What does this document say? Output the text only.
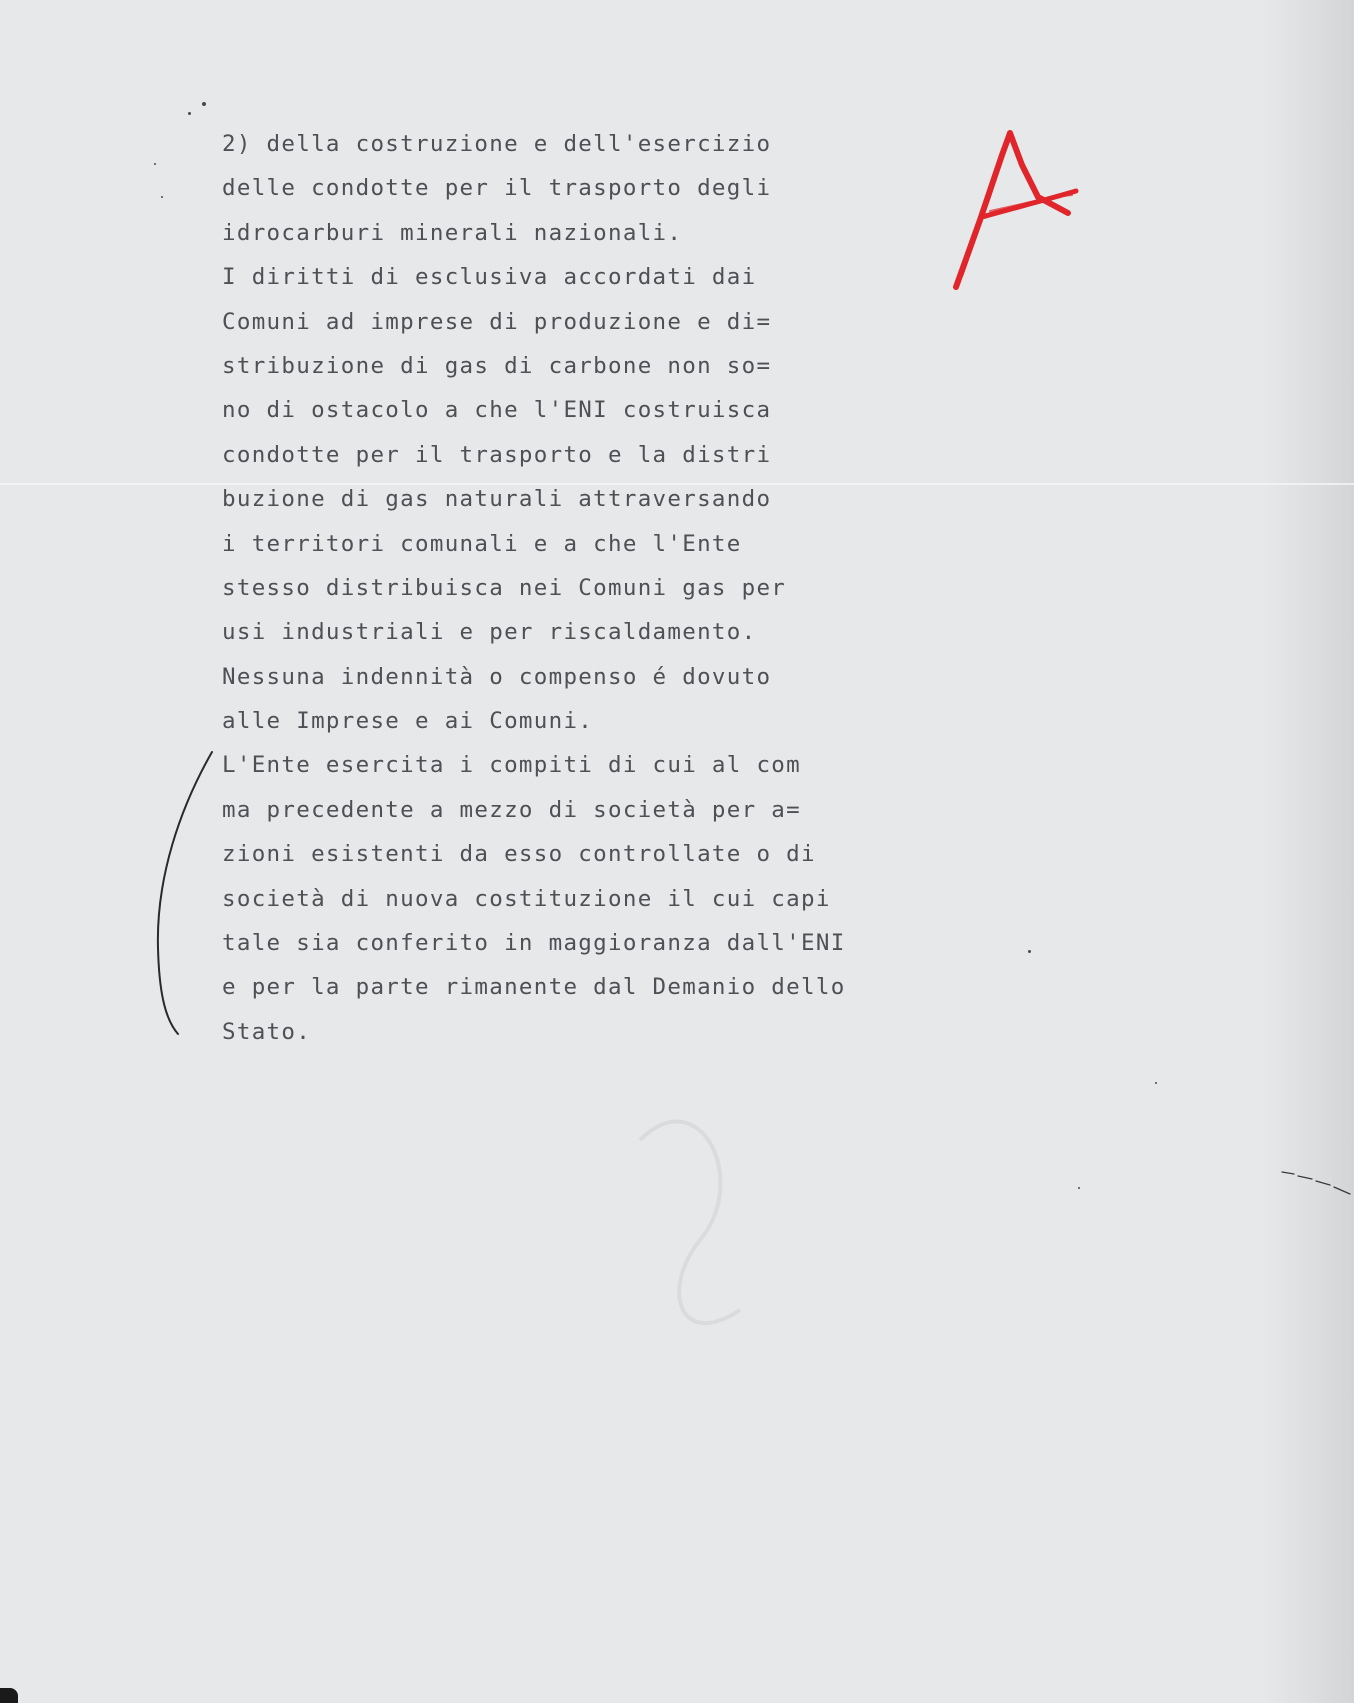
2) della costruzione e dell'esercizio
delle condotte per il trasporto degli
idrocarburi minerali nazionali.
I diritti di esclusiva accordati dai
Comuni ad imprese di produzione e di=
stribuzione di gas di carbone non so=
no di ostacolo a che l'ENI costruisca
condotte per il trasporto e la distri
buzione di gas naturali attraversando
i territori comunali e a che l'Ente
stesso distribuisca nei Comuni gas per
usi industriali e per riscaldamento.
Nessuna indennità o compenso é dovuto
alle Imprese e ai Comuni.
L'Ente esercita i compiti di cui al com
ma precedente a mezzo di società per a=
zioni esistenti da esso controllate o di
società di nuova costituzione il cui capi
tale sia conferito in maggioranza dall'ENI
e per la parte rimanente dal Demanio dello
Stato.
